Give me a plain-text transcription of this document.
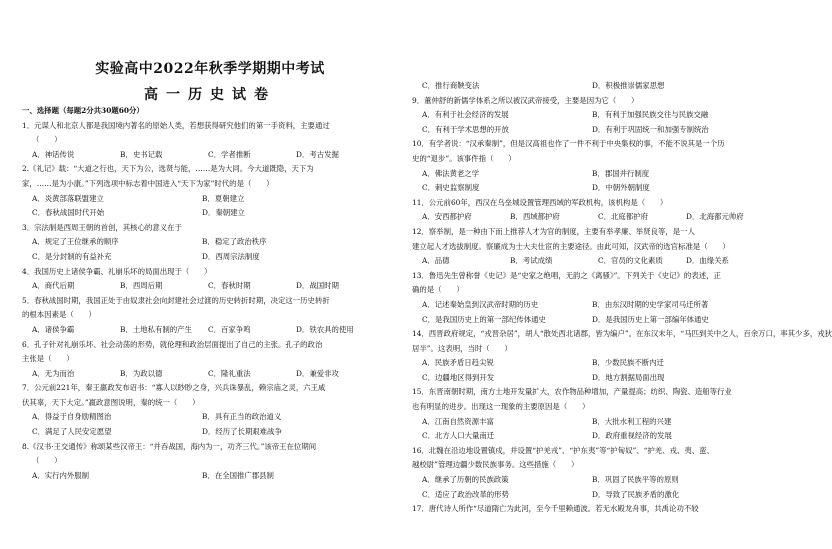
实验高中2022年秋季学期期中考试
高一历史试卷
一、选择题（每题2分共30题60分）
1．元谋人和北京人都是我国境内著名的原始人类，若想获得研究他们的第一手资料，主要通过
（　　）
A．神话传说	B．史书记载	C．学者推断	D．考古发掘
2.《礼记》载：“大道之行也，天下为公，选贤与能，……是为大同。今大道既隐，天下为
家，……是为小康。”下列选项中标志着中国进入“天下为家”时代的是（　　）
A．炎黄部落联盟建立	B．夏朝建立
C．春秋战国时代开始	D．秦朝建立
3．宗法制是西周王朝的首创，其核心的意义在于
A．规定了王位继承的顺序	B．稳定了政治秩序
C．是分封制的有益补充	D．西周宗法制度
4．我国历史上诸侯争霸、礼崩乐坏的局面出现于（　　）
A．商代后期	B．西周后期	C．春秋时期	D．战国时期
5．春秋战国时期，我国正处于由奴隶社会向封建社会过渡的历史转折时期，决定这一历史转折
的根本因素是（　　）
A．诸侯争霸	B．土地私有制的产生	C．百家争鸣	D．铁农具的使用
6．孔子针对礼崩乐坏、社会动荡的形势，就伦理和政治层面提出了自己的主张。孔子的政治
主张是（　　）
A．无为而治	B．为政以德	C．隆礼重法	D．兼爱非攻
7．公元前221年，秦王嬴政发布诏书：“寡人以眇眇之身，兴兵诛暴乱，赖宗庙之灵，六王咸
伏其辜，天下大定。”嬴政意图说明，秦的统一（　　）
A．得益于自身励精图治	B．具有正当的政治道义
C．满足了人民安定愿望	D．经历了长期艰难战争
8.《汉书·王交通传》称颂某些汉帝王：“并吞战国，海内为一，功齐三代。”该帝王在位期间
（　　）
A．实行内外服制	B．在全国推广郡县制
C．推行商鞅变法	D．积极推崇儒家思想
9．董仲舒的新儒学体系之所以被汉武帝接受，主要是因为它（　　）
A．有利于社会经济的发展	B．有利于加强民族交往与民族交融
C．有利于学术思想的开放	D．有利于巩固统一和加强专制统治
10．有学者说：“汉承秦制”，但是汉高祖也作了一件不利于中央集权的事，不能不说其是一个历
史的“退步”。该事件指（　　）
A．佛法黄老之学	B．郡国并行制度
C．刺史监察制度	D．中朝外朝制度
11．公元前60年，西汉在乌垒城设置管理西域的军政机构，该机构是（　　）
A．安西都护府	B．西域都护府	C．北庭都护府	D．北海都元帅府
12．察举制，是一种由下而上推荐人才为官的制度，主要有举孝廉、举贤良等，是一人
建立起人才选拔制度。察廉成为士大夫仕宦的主要途径。由此可知，汉武帝的选官标准是（　　）
A．品德	B．考试成绩	C．官员的文化素质	D．血缘关系
13．鲁迅先生曾称誉《史记》是“史家之绝唱，无韵之《离骚》”。下列关于《史记》的表述，正
确的是（　　）
A．记述秦始皇到汉武帝时期的历史	B．由东汉时期的史学家司马迁所著
C．是我国历史上的第一部纪传体通史	D．是我国历史上第一部编年体通史
14．西晋政府规定，“戎晋杂居”，胡人“散处西北诸郡，皆为编户”。在东汉末年，“马匹到关中之人，百余万口，率其少多，戎狄
居半”。这表明，当时（　　）
A．民族矛盾日趋尖锐	B．少数民族不断内迁
C．边疆地区得到开发	D．地方割据局面出现
15．东晋南朝时期，南方土地开发量扩大，农作物品种增加，产量提高；纺织、陶瓷、造船等行业
也有明显的进步。出现这一现象的主要原因是（　　）
A．江南自然资源丰富	B．大批水利工程的兴建
C．北方人口大量南迁	D．政府重视经济的发展
16．北魏在沿边地设置镇戍，并设置“护羌戎”、“护东夷”等“护匈奴”、“护羌、戎、夷、蛮、
越校尉”管理边疆少数民族事务。这些措施（　　）
A．继承了历朝的民族政策	B．巩固了民族平等的原则
C．适应了政治改革的形势	D．导致了民族矛盾的激化
17．唐代诗人所作“尽道隋亡为此河，至今千里赖通波。若无水殿龙舟事，共禹论功不较
